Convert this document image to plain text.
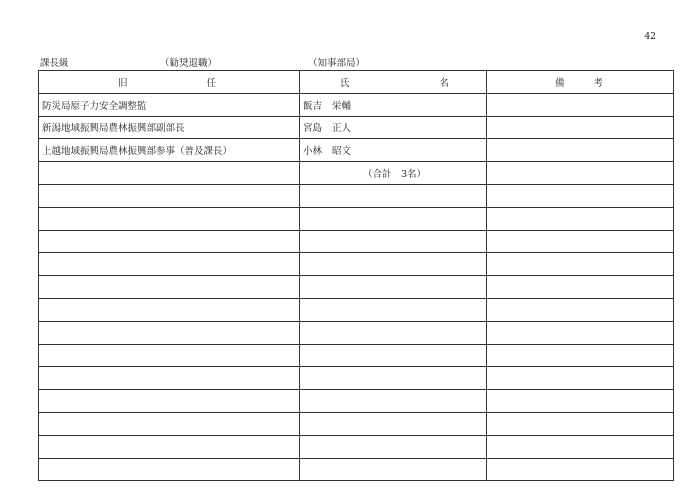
42
課長級	（勧奨退職）	（知事部局）
旧 任	氏 名	備 考

防災局原子力安全調整監	飯吉 栄輔	

新潟地域振興局農林振興部副部長	宮島 正人	

上越地域振興局農林振興部参事（普及課長）	小林 昭文	

	（合計　3名）	
